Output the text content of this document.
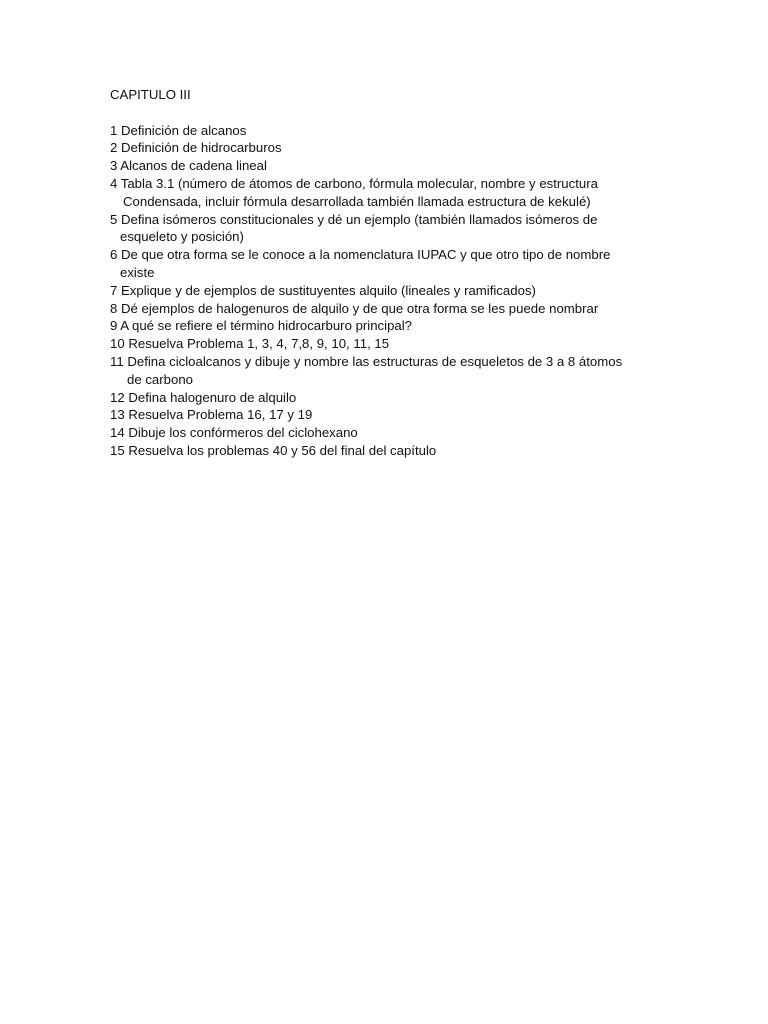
CAPITULO III

1 Definición de alcanos

2 Definición de hidrocarburos

3 Alcanos de cadena lineal

4 Tabla 3.1 (número de átomos de carbono, fórmula molecular, nombre y estructura

Condensada, incluir fórmula desarrollada también llamada estructura de kekulé)

5 Defina isómeros constitucionales y dé un ejemplo (también llamados isómeros de

esqueleto y posición)

6 De que otra forma se le conoce a la nomenclatura IUPAC y que otro tipo de nombre

existe

7 Explique y de ejemplos de sustituyentes alquilo (lineales y ramificados)

8 Dé ejemplos de halogenuros de alquilo y de que otra forma se les puede nombrar

9 A qué se refiere el término hidrocarburo principal?

10 Resuelva Problema 1, 3, 4, 7,8, 9, 10, 11, 15

11 Defina cicloalcanos y dibuje y nombre las estructuras de esqueletos de 3 a 8 átomos

de carbono

12 Defina halogenuro de alquilo

13 Resuelva Problema 16, 17 y 19

14 Dibuje los confórmeros del ciclohexano

15 Resuelva los problemas 40 y 56 del final del capítulo
